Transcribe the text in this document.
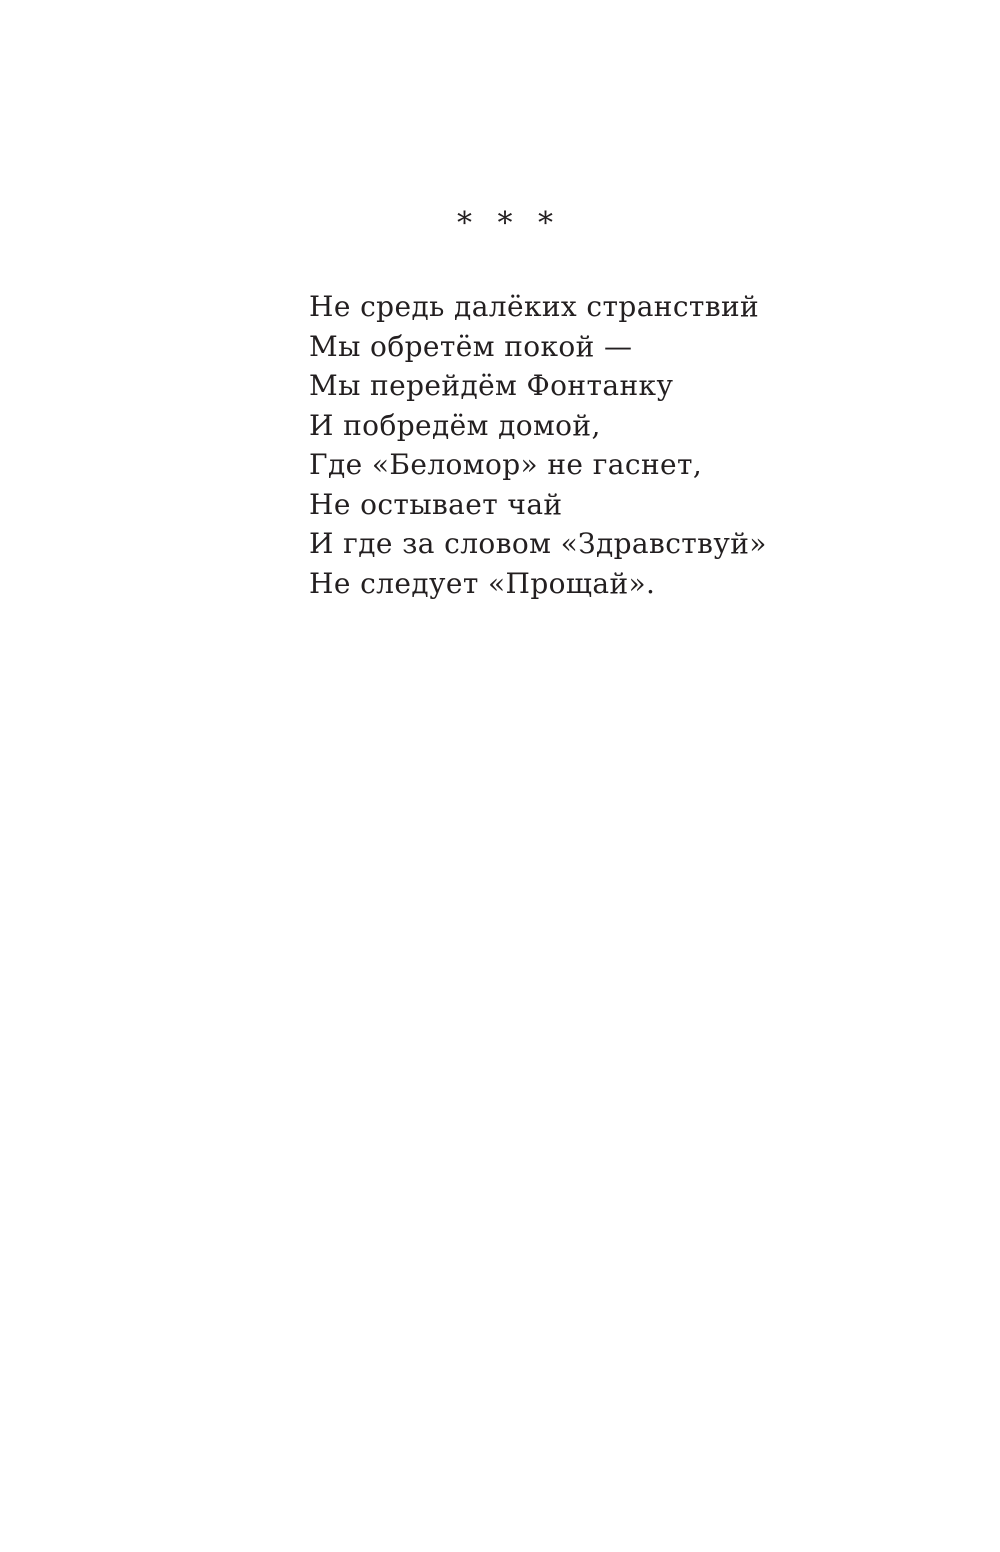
* * *
Не средь далёких странствий
Мы обретём покой —
Мы перейдём Фонтанку
И побредём домой,
Где «Беломор» не гаснет,
Не остывает чай
И где за словом «Здравствуй»
Не следует «Прощай».
